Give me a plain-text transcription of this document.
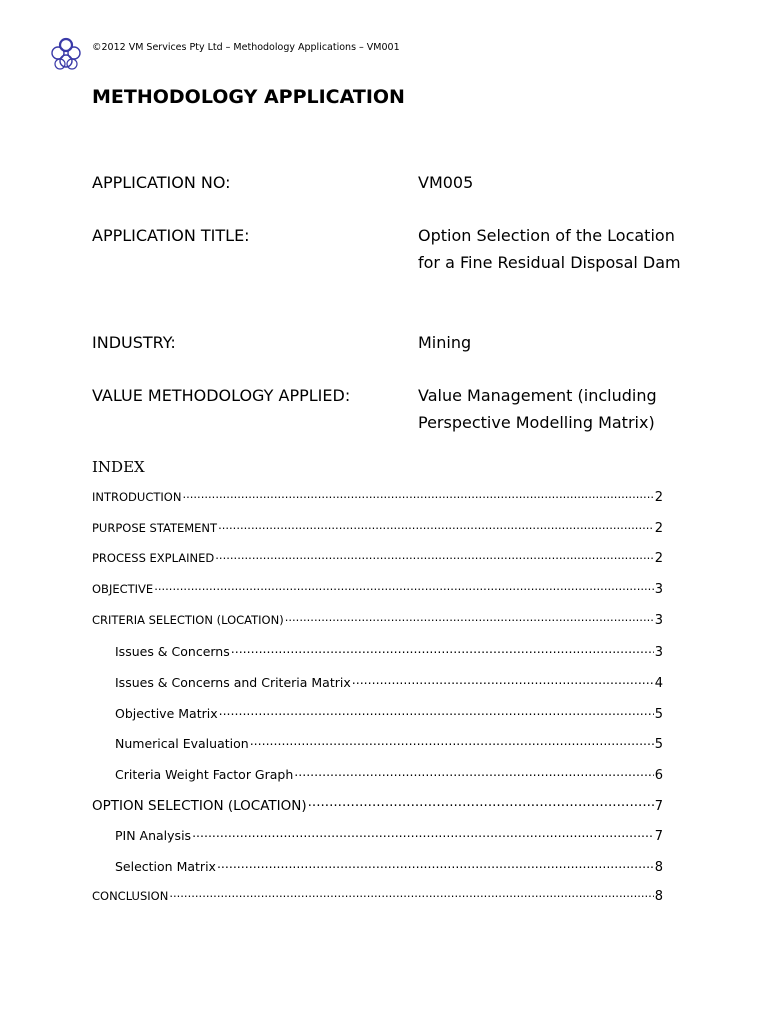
©2012 VM Services Pty Ltd – Methodology Applications – VM001
METHODOLOGY APPLICATION
APPLICATION NO:	VM005
APPLICATION TITLE:	Option Selection of the Location for a Fine Residual Disposal Dam
INDUSTRY:	Mining
VALUE METHODOLOGY APPLIED:	Value Management (including Perspective Modelling Matrix)
INDEX
INTRODUCTION .....	2
PURPOSE STATEMENT .....	2
PROCESS EXPLAINED .....	2
OBJECTIVE .....	3
CRITERIA SELECTION (LOCATION) .....	3
Issues & Concerns .....	3
Issues & Concerns and Criteria Matrix .....	4
Objective Matrix .....	5
Numerical Evaluation .....	5
Criteria Weight Factor Graph .....	6
OPTION SELECTION (LOCATION) .....	7
PIN Analysis .....	7
Selection Matrix .....	8
CONCLUSION .....	8
